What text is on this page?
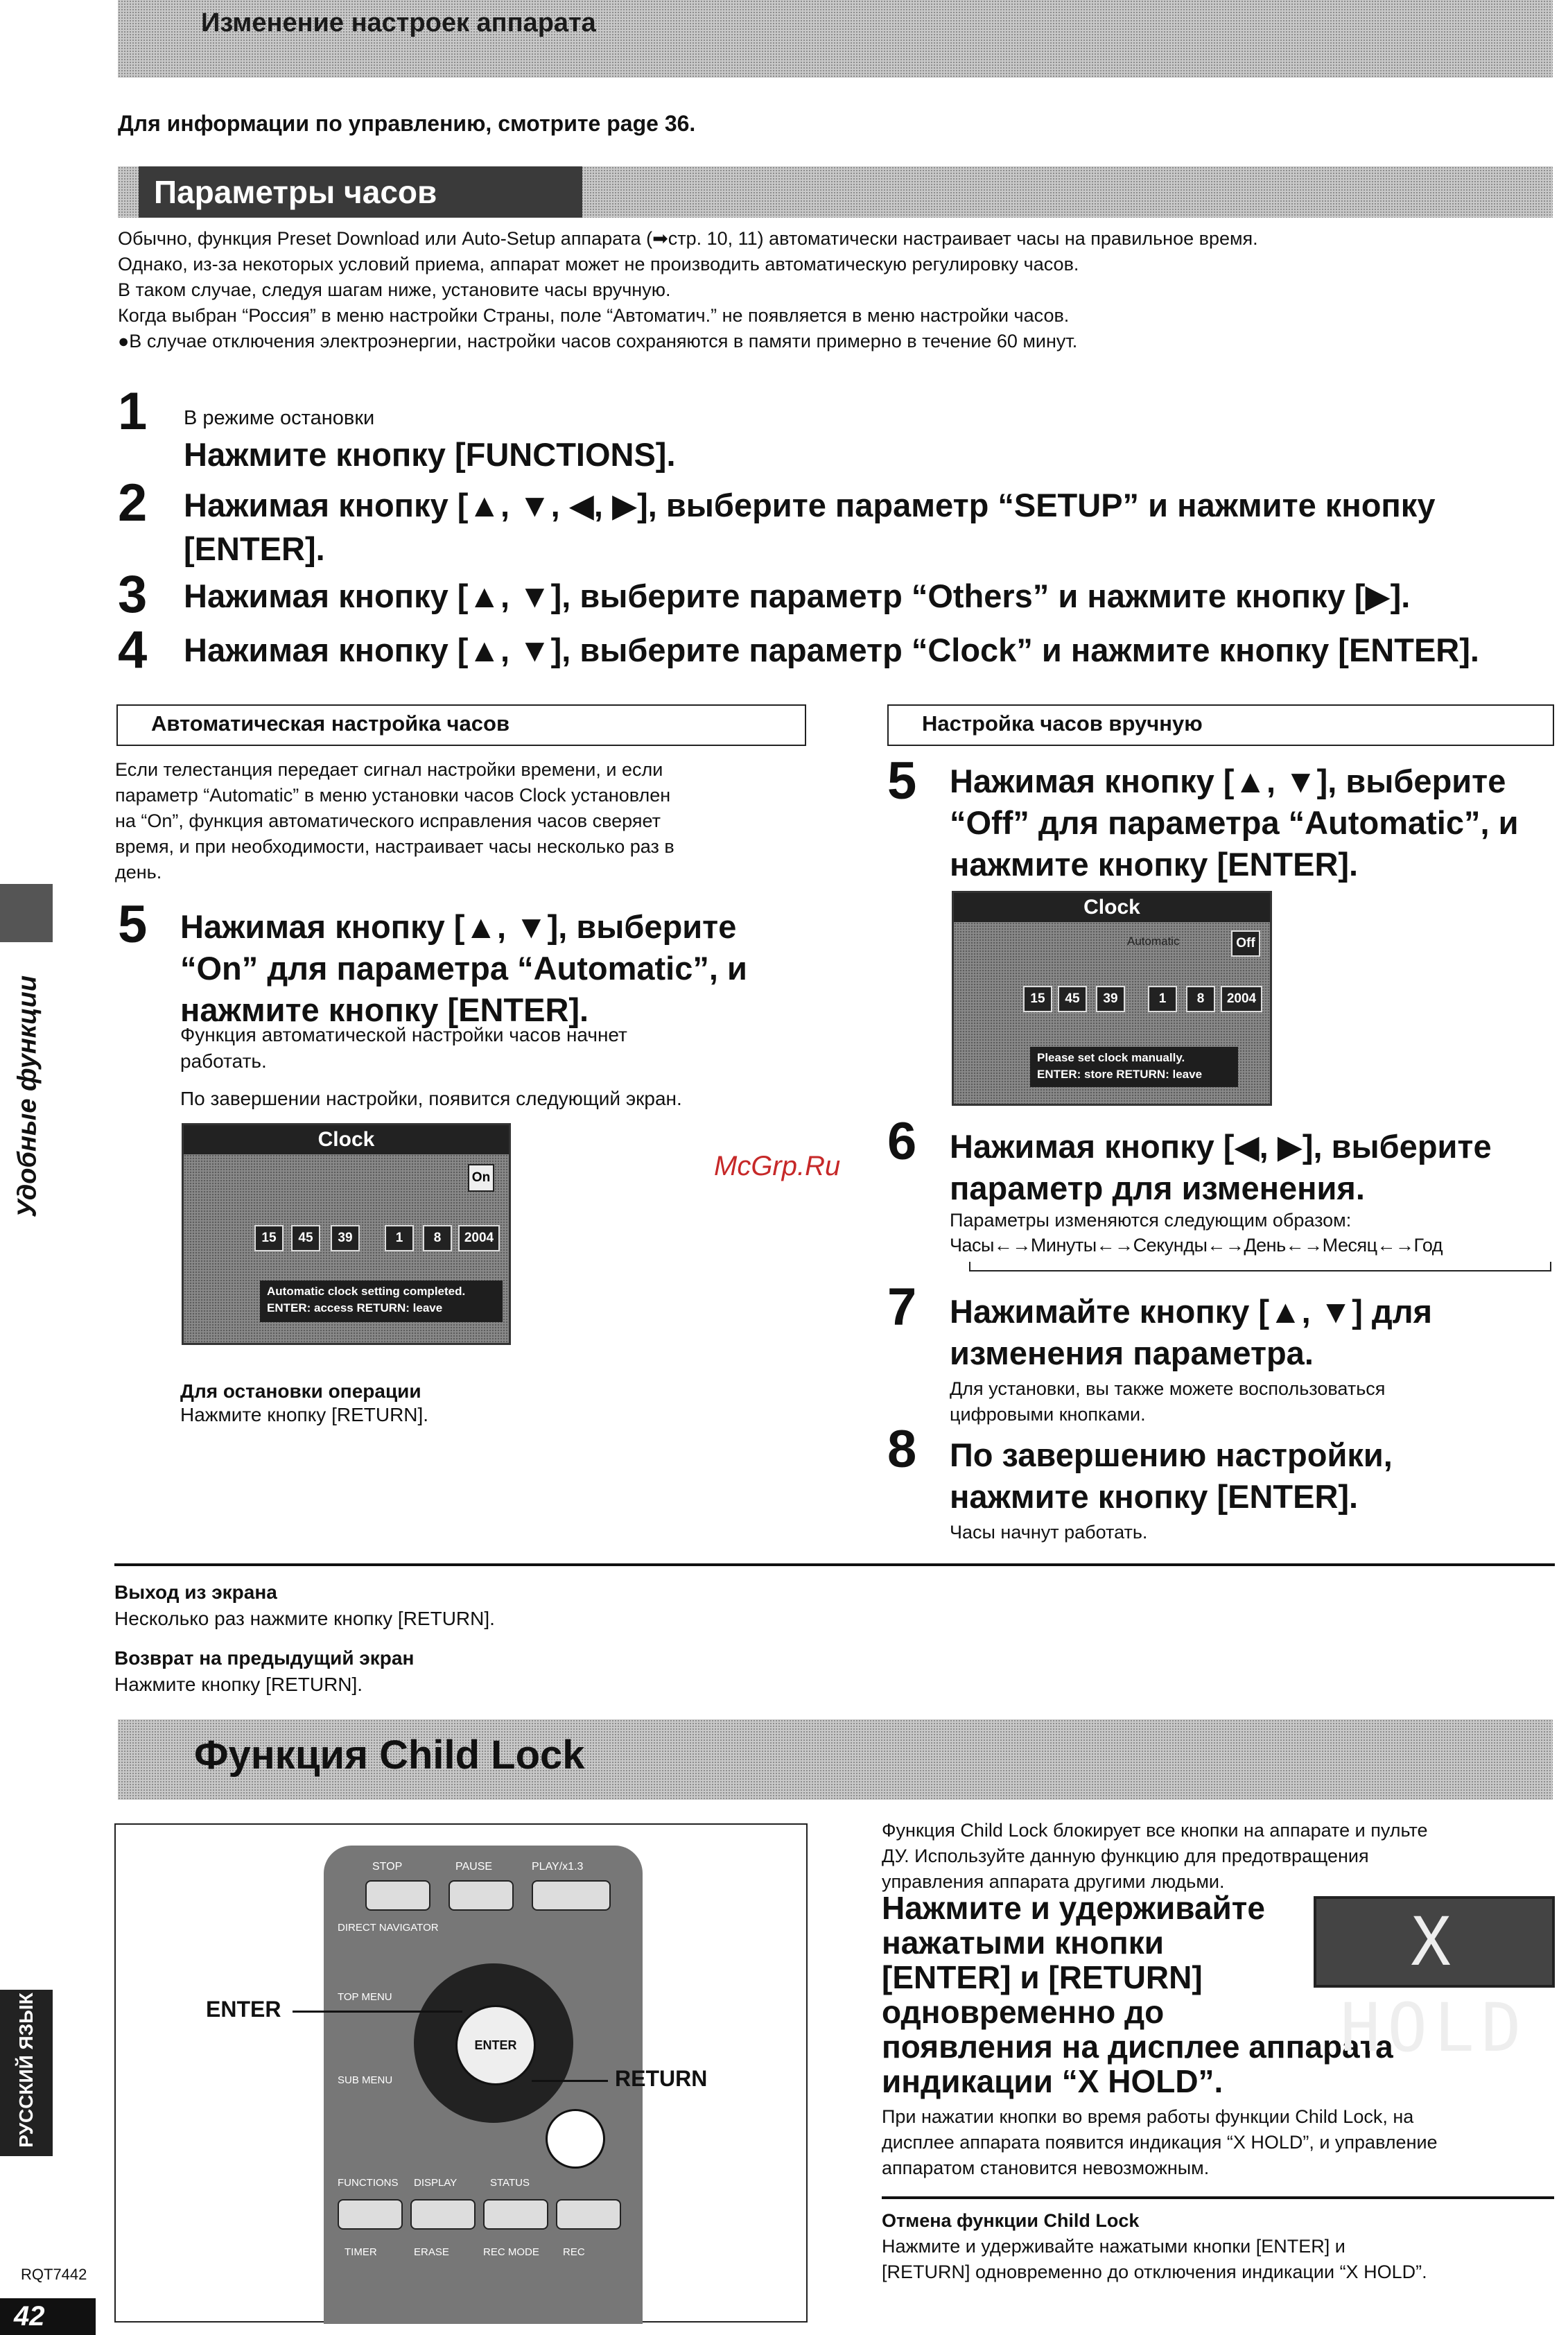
Изменение настроек аппарата
Для информации по управлению, смотрите page 36.
Параметры часов

Обычно, функция Preset Download или Auto-Setup аппарата (➡стр. 10, 11) автоматически настраивает часы на правильное время.

Однако, из-за некоторых условий приема, аппарат может не производить автоматическую регулировку часов.

В таком случае, следуя шагам ниже, установите часы вручную.

Когда выбран “Россия” в меню настройки Страны, поле “Автоматич.” не появляется в меню настройки часов.

●В случае отключения электроэнергии, настройки часов сохраняются в памяти примерно в течение 60 минут.

1 В режиме остановки
Нажмите кнопку [FUNCTIONS].
2 Нажимая кнопку [▲, ▼, ◀, ▶], выберите параметр “SETUP” и нажмите кнопку
[ENTER].
3 Нажимая кнопку [▲, ▼], выберите параметр “Others” и нажмите кнопку [▶].
4 Нажимая кнопку [▲, ▼], выберите параметр “Clock” и нажмите кнопку [ENTER].
Автоматическая настройка часов
Если телестанция передает сигнал настройки времени, и если
параметр “Automatic” в меню установки часов Clock установлен
на “On”, функция автоматического исправления часов сверяет
время, и при необходимости, настраивает часы несколько раз в
день.
5 Нажимая кнопку [▲, ▼], выберите
“On” для параметра “Automatic”, и
нажмите кнопку [ENTER].
Функция автоматической настройки часов начнет
работать.
По завершении настройки, появится следующий экран.
Clock
On
15	45	39	1	8	2004
Automatic clock setting completed.
ENTER: access RETURN: leave
Для остановки операции
Нажмите кнопку [RETURN].
Настройка часов вручную
5 Нажимая кнопку [▲, ▼], выберите
“Off” для параметра “Automatic”, и
нажмите кнопку [ENTER].
Clock
Automatic	Off
15	45	39	1	8	2004
Please set clock manually.
ENTER: store RETURN: leave
6 Нажимая кнопку [◀, ▶], выберите
параметр для изменения.
Параметры изменяются следующим образом:
Часы←→Минуты←→Секунды←→День←→Месяц←→Год
7 Нажимайте кнопку [▲, ▼] для
изменения параметра.
Для установки, вы также можете воспользоваться
цифровыми кнопками.
8 По завершению настройки,
нажмите кнопку [ENTER].
Часы начнут работать.
McGrp.Ru
Выход из экрана
Несколько раз нажмите кнопку [RETURN].
Возврат на предыдущий экран
Нажмите кнопку [RETURN].
Функция Child Lock
STOP	PAUSE	PLAY/x1.3
DIRECT NAVIGATOR
TOP MENU
SUB MENU
ENTER
FUNCTIONS DISPLAY	STATUS
TIMER	ERASE	REC MODE REC
ENTER
RETURN
Функция Child Lock блокирует все кнопки на аппарате и пульте
ДУ. Используйте данную функцию для предотвращения
управления аппарата другими людьми.
Нажмите и удерживайте
нажатыми кнопки
[ENTER] и [RETURN]
одновременно до
появления на дисплее аппарата
индикации “X HOLD”.
X HOLD
При нажатии кнопки во время работы функции Child Lock, на
дисплее аппарата появится индикация “X HOLD”, и управление
аппаратом становится невозможным.
Отмена функции Child Lock
Нажмите и удерживайте нажатыми кнопки [ENTER] и
[RETURN] одновременно до отключения индикации “X HOLD”.
Удобные функции
РУССКИЙ ЯЗЫК
RQT7442
42
